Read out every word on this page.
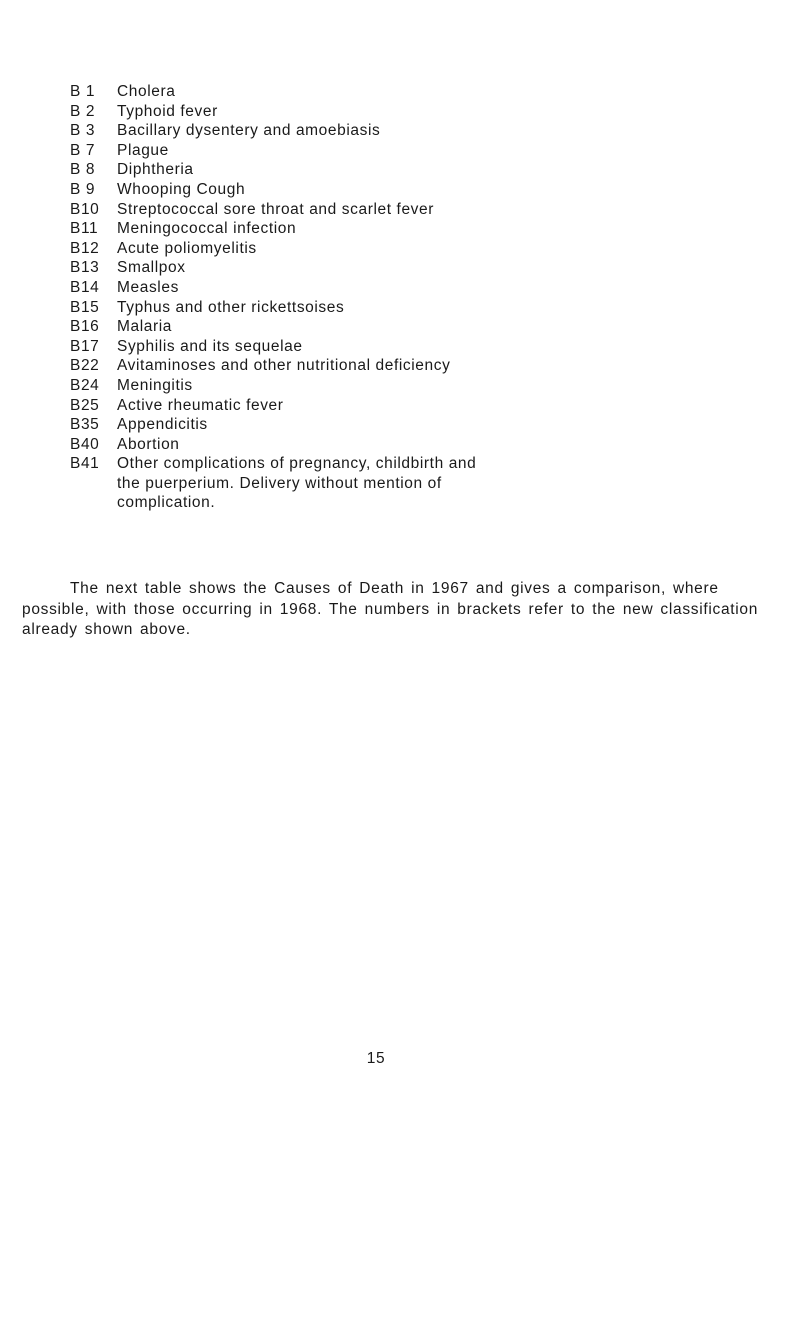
B 1	Cholera
B 2	Typhoid fever
B 3	Bacillary dysentery and amoebiasis
B 7	Plague
B 8	Diphtheria
B 9	Whooping Cough
B10	Streptococcal sore throat and scarlet fever
B11	Meningococcal infection
B12	Acute poliomyelitis
B13	Smallpox
B14	Measles
B15	Typhus and other rickettsoises
B16	Malaria
B17	Syphilis and its sequelae
B22	Avitaminoses and other nutritional deficiency
B24	Meningitis
B25	Active rheumatic fever
B35	Appendicitis
B40	Abortion
B41	Other complications of pregnancy, childbirth and
the puerperium. Delivery without mention of
complication.

The next table shows the Causes of Death in 1967 and gives a comparison, where possible, with those occurring in 1968. The numbers in brackets refer to the new classification already shown above.

15
